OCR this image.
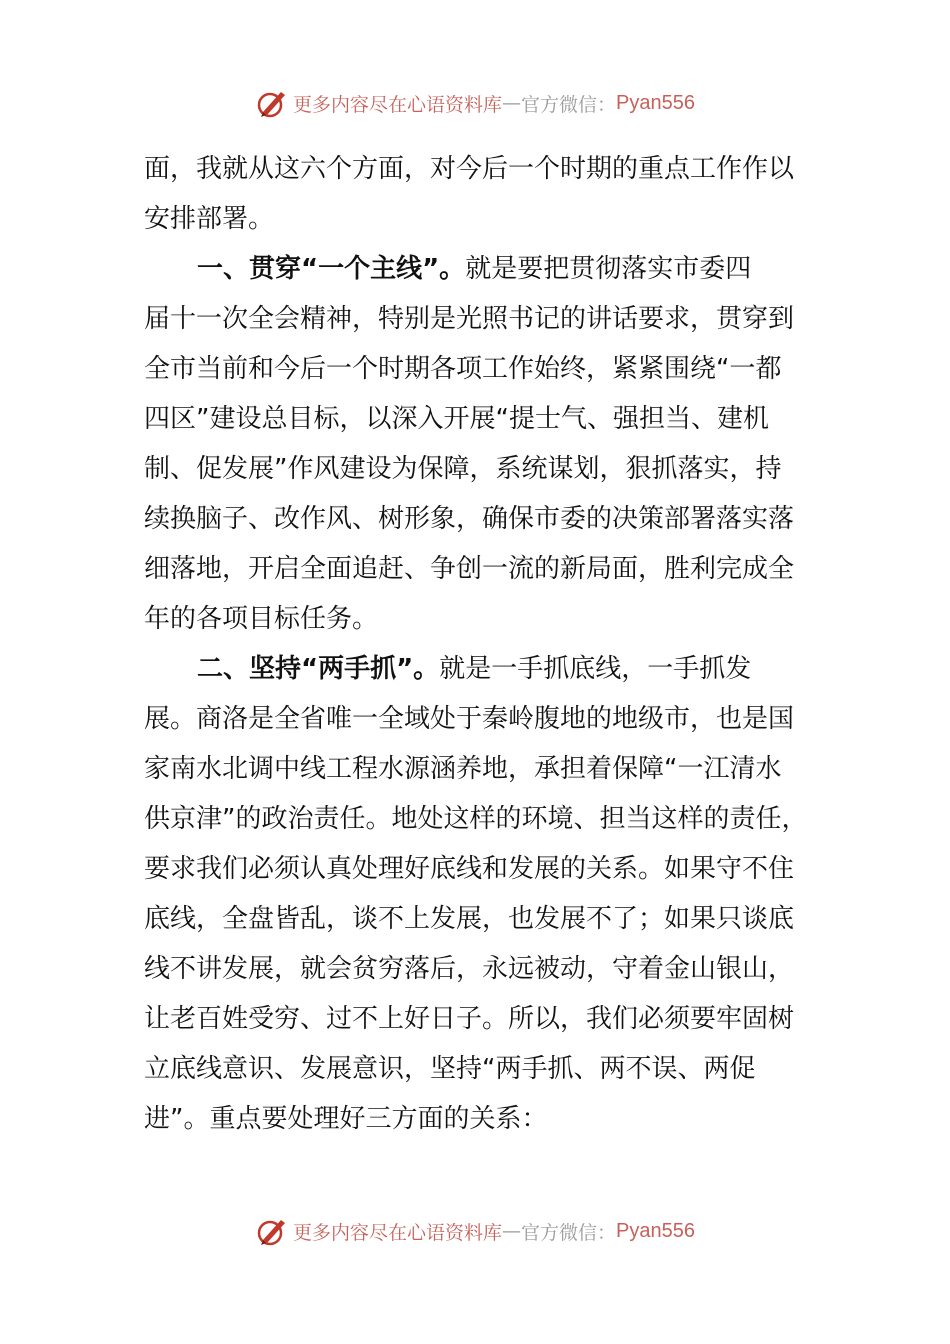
更多内容尽在心语资料库 — 官方微信： Pyan556
面，我就从这六个方面，对今后一个时期的重点工作作以
安排部署。
一、贯穿“一个主线”。就是要把贯彻落实市委四
届十一次全会精神，特别是光照书记的讲话要求，贯穿到
全市当前和今后一个时期各项工作始终，紧紧围绕“一都
四区”建设总目标，以深入开展“提士气、强担当、建机
制、促发展”作风建设为保障，系统谋划，狠抓落实，持
续换脑子、改作风、树形象，确保市委的决策部署落实落
细落地，开启全面追赶、争创一流的新局面，胜利完成全
年的各项目标任务。
二、坚持“两手抓”。就是一手抓底线，一手抓发
展。商洛是全省唯一全域处于秦岭腹地的地级市，也是国
家南水北调中线工程水源涵养地，承担着保障“一江清水
供京津”的政治责任。地处这样的环境、担当这样的责任，
要求我们必须认真处理好底线和发展的关系。如果守不住
底线，全盘皆乱，谈不上发展，也发展不了；如果只谈底
线不讲发展，就会贫穷落后，永远被动，守着金山银山，
让老百姓受穷、过不上好日子。所以，我们必须要牢固树
立底线意识、发展意识，坚持“两手抓、两不误、两促
进”。重点要处理好三方面的关系：
更多内容尽在心语资料库 — 官方微信： Pyan556
